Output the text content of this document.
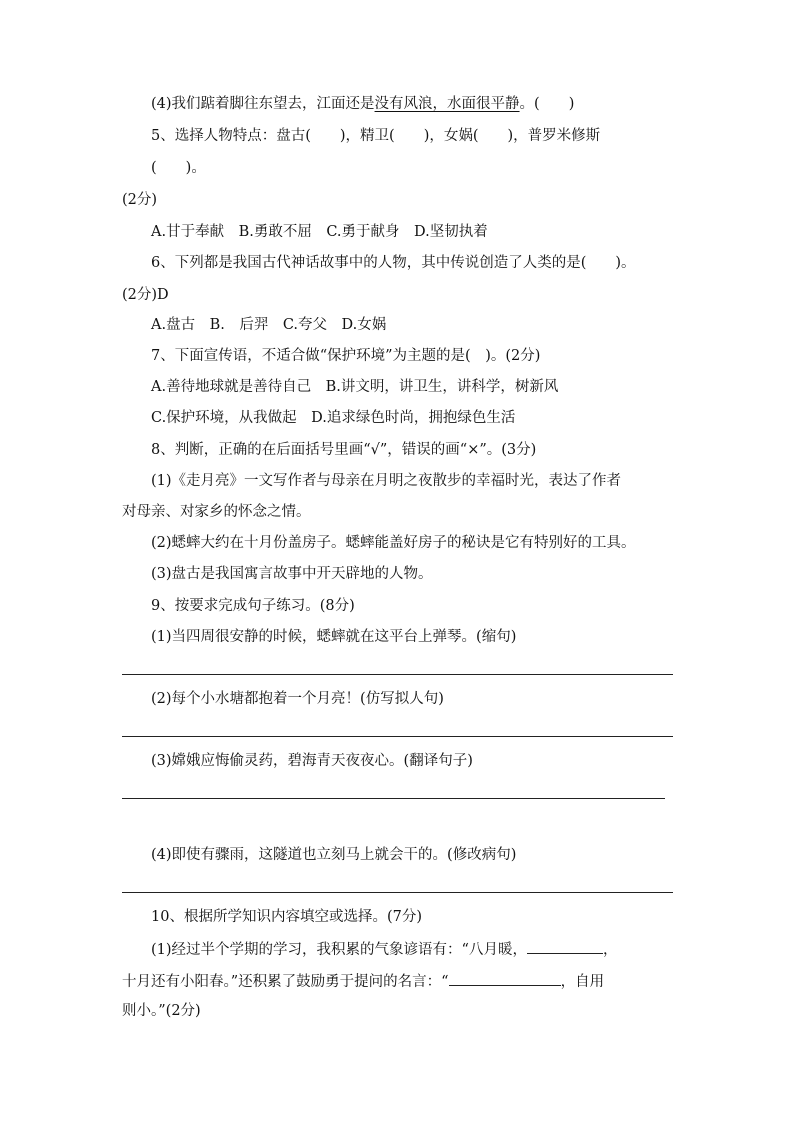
(4)我们踮着脚往东望去，江面还是没有风浪，水面很平静。(　　)
5、选择人物特点：盘古(　　)，精卫(　　)，女娲(　　)，普罗米修斯
(　　)。
(2分)
A.甘于奉献　B.勇敢不屈　C.勇于献身　D.坚韧执着
6、下列都是我国古代神话故事中的人物，其中传说创造了人类的是(　　)。
(2分)D
A.盘古　B.　后羿　C.夸父　D.女娲
7、下面宣传语，不适合做“保护环境”为主题的是(　)。(2分)
A.善待地球就是善待自己　B.讲文明，讲卫生，讲科学，树新风
C.保护环境，从我做起　D.追求绿色时尚，拥抱绿色生活
8、判断，正确的在后面括号里画“√”，错误的画“×”。(3分)
(1)《走月亮》一文写作者与母亲在月明之夜散步的幸福时光，表达了作者
对母亲、对家乡的怀念之情。
(2)蟋蟀大约在十月份盖房子。蟋蟀能盖好房子的秘诀是它有特别好的工具。
(3)盘古是我国寓言故事中开天辟地的人物。
9、按要求完成句子练习。(8分)
(1)当四周很安静的时候，蟋蟀就在这平台上弹琴。(缩句)
(2)每个小水塘都抱着一个月亮！(仿写拟人句)
(3)嫦娥应悔偷灵药，碧海青天夜夜心。(翻译句子)
(4)即使有骤雨，这隧道也立刻马上就会干的。(修改病句)
10、根据所学知识内容填空或选择。(7分)
(1)经过半个学期的学习，我积累的气象谚语有：“八月暖，	，
十月还有小阳春。”还积累了鼓励勇于提问的名言：“	，自用
则小。”(2分)
